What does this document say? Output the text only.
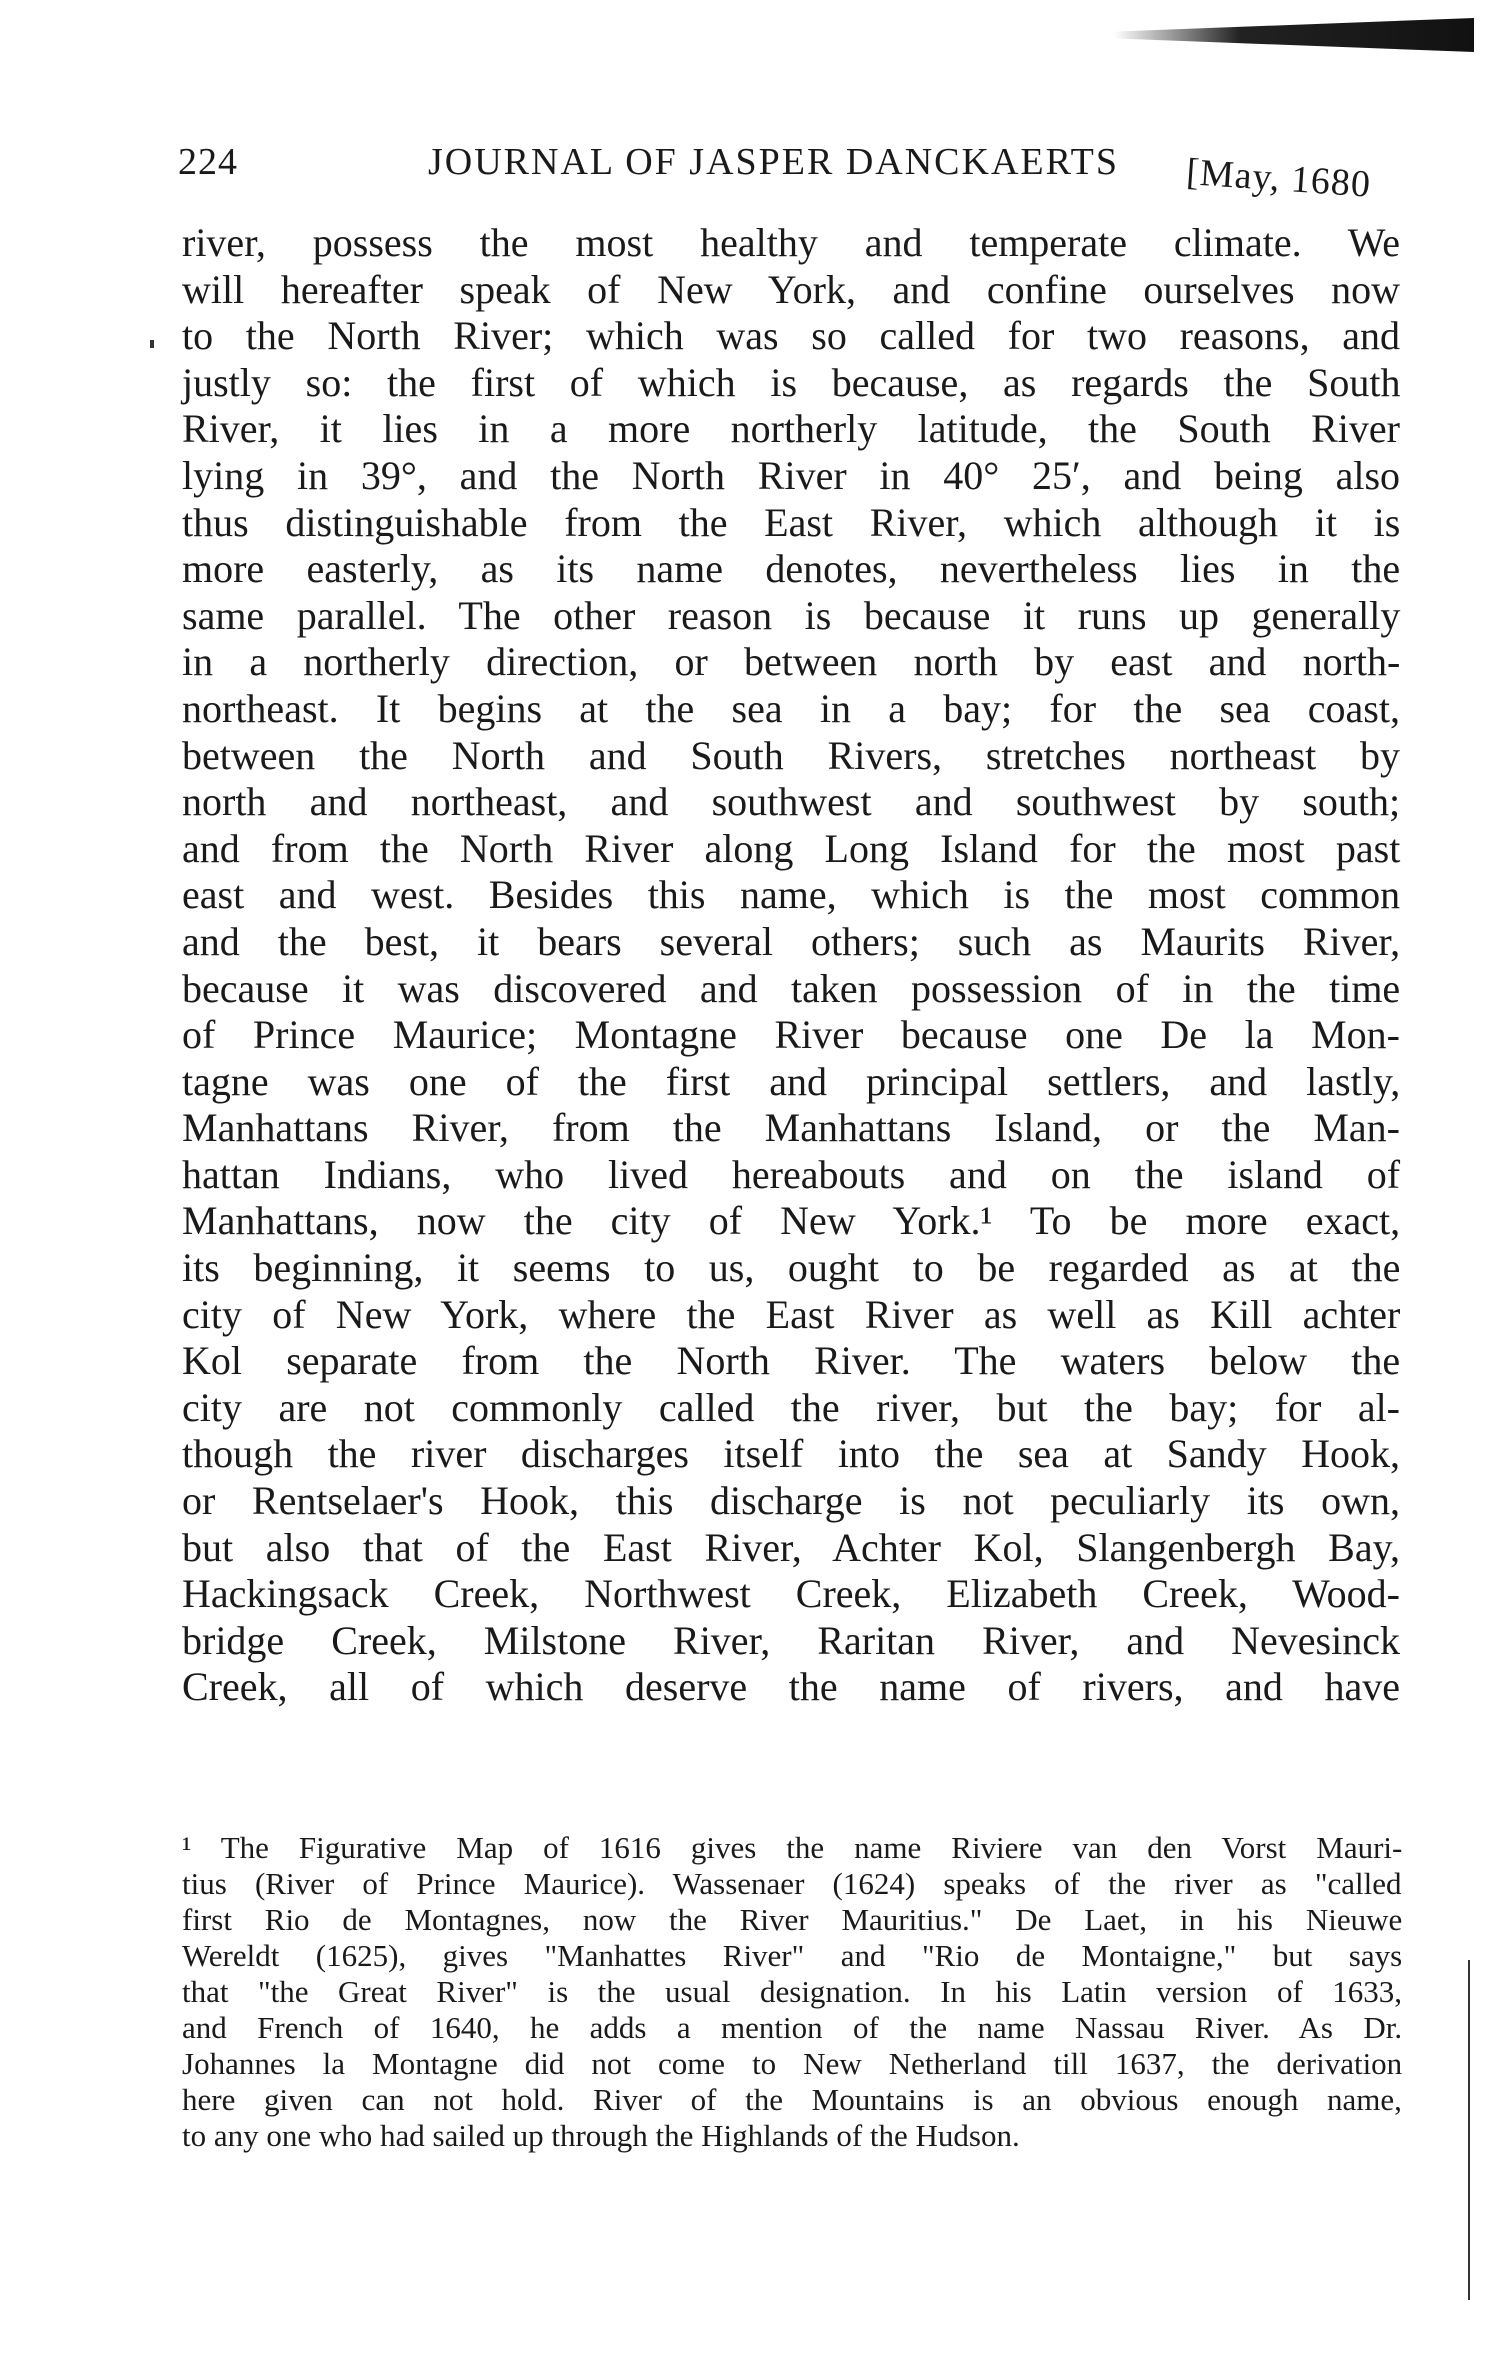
224	JOURNAL OF JASPER DANCKAERTS [May, 1680
river, possess the most healthy and temperate climate. We
will hereafter speak of New York, and confine ourselves now
to the North River; which was so called for two reasons, and
justly so: the first of which is because, as regards the South
River, it lies in a more northerly latitude, the South River
lying in 39°, and the North River in 40° 25′, and being also
thus distinguishable from the East River, which although it is
more easterly, as its name denotes, nevertheless lies in the
same parallel. The other reason is because it runs up generally
in a northerly direction, or between north by east and north-
northeast. It begins at the sea in a bay; for the sea coast,
between the North and South Rivers, stretches northeast by
north and northeast, and southwest and southwest by south;
and from the North River along Long Island for the most past
east and west. Besides this name, which is the most common
and the best, it bears several others; such as Maurits River,
because it was discovered and taken possession of in the time
of Prince Maurice; Montagne River because one De la Mon-
tagne was one of the first and principal settlers, and lastly,
Manhattans River, from the Manhattans Island, or the Man-
hattan Indians, who lived hereabouts and on the island of
Manhattans, now the city of New York.¹ To be more exact,
its beginning, it seems to us, ought to be regarded as at the
city of New York, where the East River as well as Kill achter
Kol separate from the North River. The waters below the
city are not commonly called the river, but the bay; for al-
though the river discharges itself into the sea at Sandy Hook,
or Rentselaer's Hook, this discharge is not peculiarly its own,
but also that of the East River, Achter Kol, Slangenbergh Bay,
Hackingsack Creek, Northwest Creek, Elizabeth Creek, Wood-
bridge Creek, Milstone River, Raritan River, and Nevesinck
Creek, all of which deserve the name of rivers, and have
¹ The Figurative Map of 1616 gives the name Riviere van den Vorst Mauri-
tius (River of Prince Maurice). Wassenaer (1624) speaks of the river as "called
first Rio de Montagnes, now the River Mauritius." De Laet, in his Nieuwe
Wereldt (1625), gives "Manhattes River" and "Rio de Montaigne," but says
that "the Great River" is the usual designation. In his Latin version of 1633,
and French of 1640, he adds a mention of the name Nassau River. As Dr.
Johannes la Montagne did not come to New Netherland till 1637, the derivation
here given can not hold. River of the Mountains is an obvious enough name,
to any one who had sailed up through the Highlands of the Hudson.
